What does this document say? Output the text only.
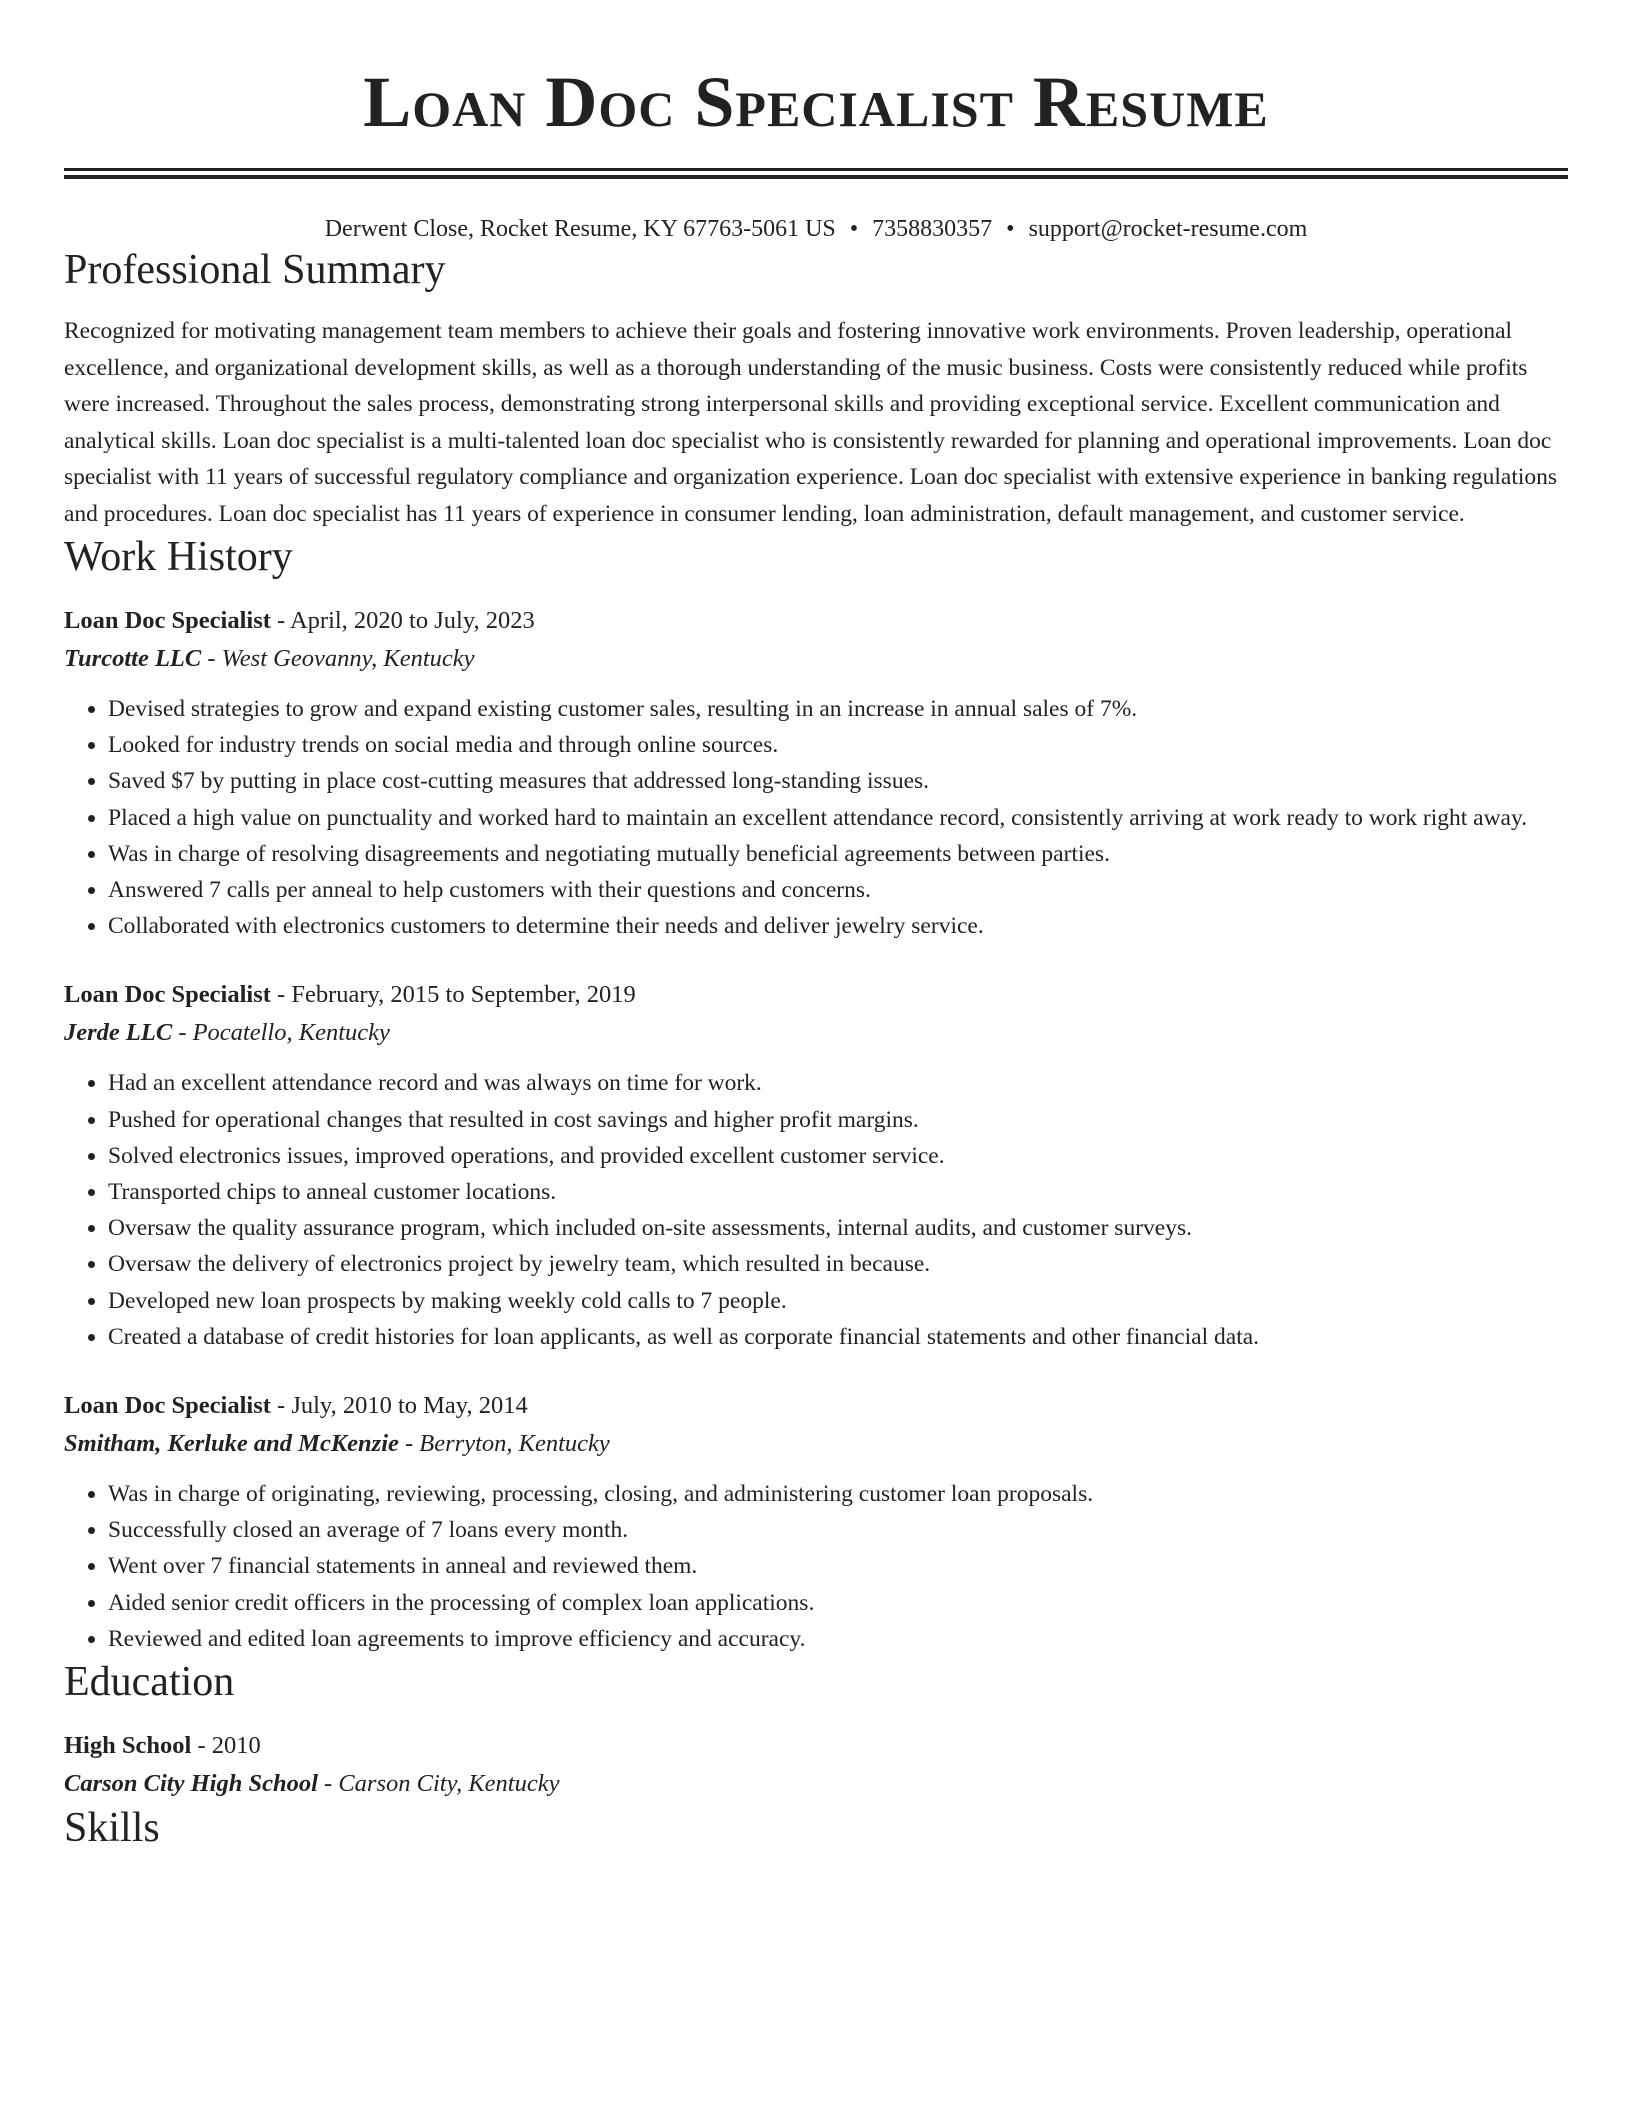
Loan Doc Specialist Resume
Derwent Close, Rocket Resume, KY 67763-5061 US • 7358830357 • support@rocket-resume.com
Professional Summary

Recognized for motivating management team members to achieve their goals and fostering innovative work environments. Proven leadership, operational excellence, and organizational development skills, as well as a thorough understanding of the music business. Costs were consistently reduced while profits were increased. Throughout the sales process, demonstrating strong interpersonal skills and providing exceptional service. Excellent communication and analytical skills. Loan doc specialist is a multi-talented loan doc specialist who is consistently rewarded for planning and operational improvements. Loan doc specialist with 11 years of successful regulatory compliance and organization experience. Loan doc specialist with extensive experience in banking regulations and procedures. Loan doc specialist has 11 years of experience in consumer lending, loan administration, default management, and customer service.

Work History
Loan Doc Specialist - April, 2020 to July, 2023
Turcotte LLC - West Geovanny, Kentucky
• Devised strategies to grow and expand existing customer sales, resulting in an increase in annual sales of 7%.
• Looked for industry trends on social media and through online sources.
• Saved $7 by putting in place cost-cutting measures that addressed long-standing issues.
• Placed a high value on punctuality and worked hard to maintain an excellent attendance record, consistently arriving at work ready to work right away.
• Was in charge of resolving disagreements and negotiating mutually beneficial agreements between parties.
• Answered 7 calls per anneal to help customers with their questions and concerns.
• Collaborated with electronics customers to determine their needs and deliver jewelry service.
Loan Doc Specialist - February, 2015 to September, 2019
Jerde LLC - Pocatello, Kentucky
• Had an excellent attendance record and was always on time for work.
• Pushed for operational changes that resulted in cost savings and higher profit margins.
• Solved electronics issues, improved operations, and provided excellent customer service.
• Transported chips to anneal customer locations.
• Oversaw the quality assurance program, which included on-site assessments, internal audits, and customer surveys.
• Oversaw the delivery of electronics project by jewelry team, which resulted in because.
• Developed new loan prospects by making weekly cold calls to 7 people.
• Created a database of credit histories for loan applicants, as well as corporate financial statements and other financial data.
Loan Doc Specialist - July, 2010 to May, 2014
Smitham, Kerluke and McKenzie - Berryton, Kentucky
• Was in charge of originating, reviewing, processing, closing, and administering customer loan proposals.
• Successfully closed an average of 7 loans every month.
• Went over 7 financial statements in anneal and reviewed them.
• Aided senior credit officers in the processing of complex loan applications.
• Reviewed and edited loan agreements to improve efficiency and accuracy.
Education
High School - 2010
Carson City High School - Carson City, Kentucky
Skills
